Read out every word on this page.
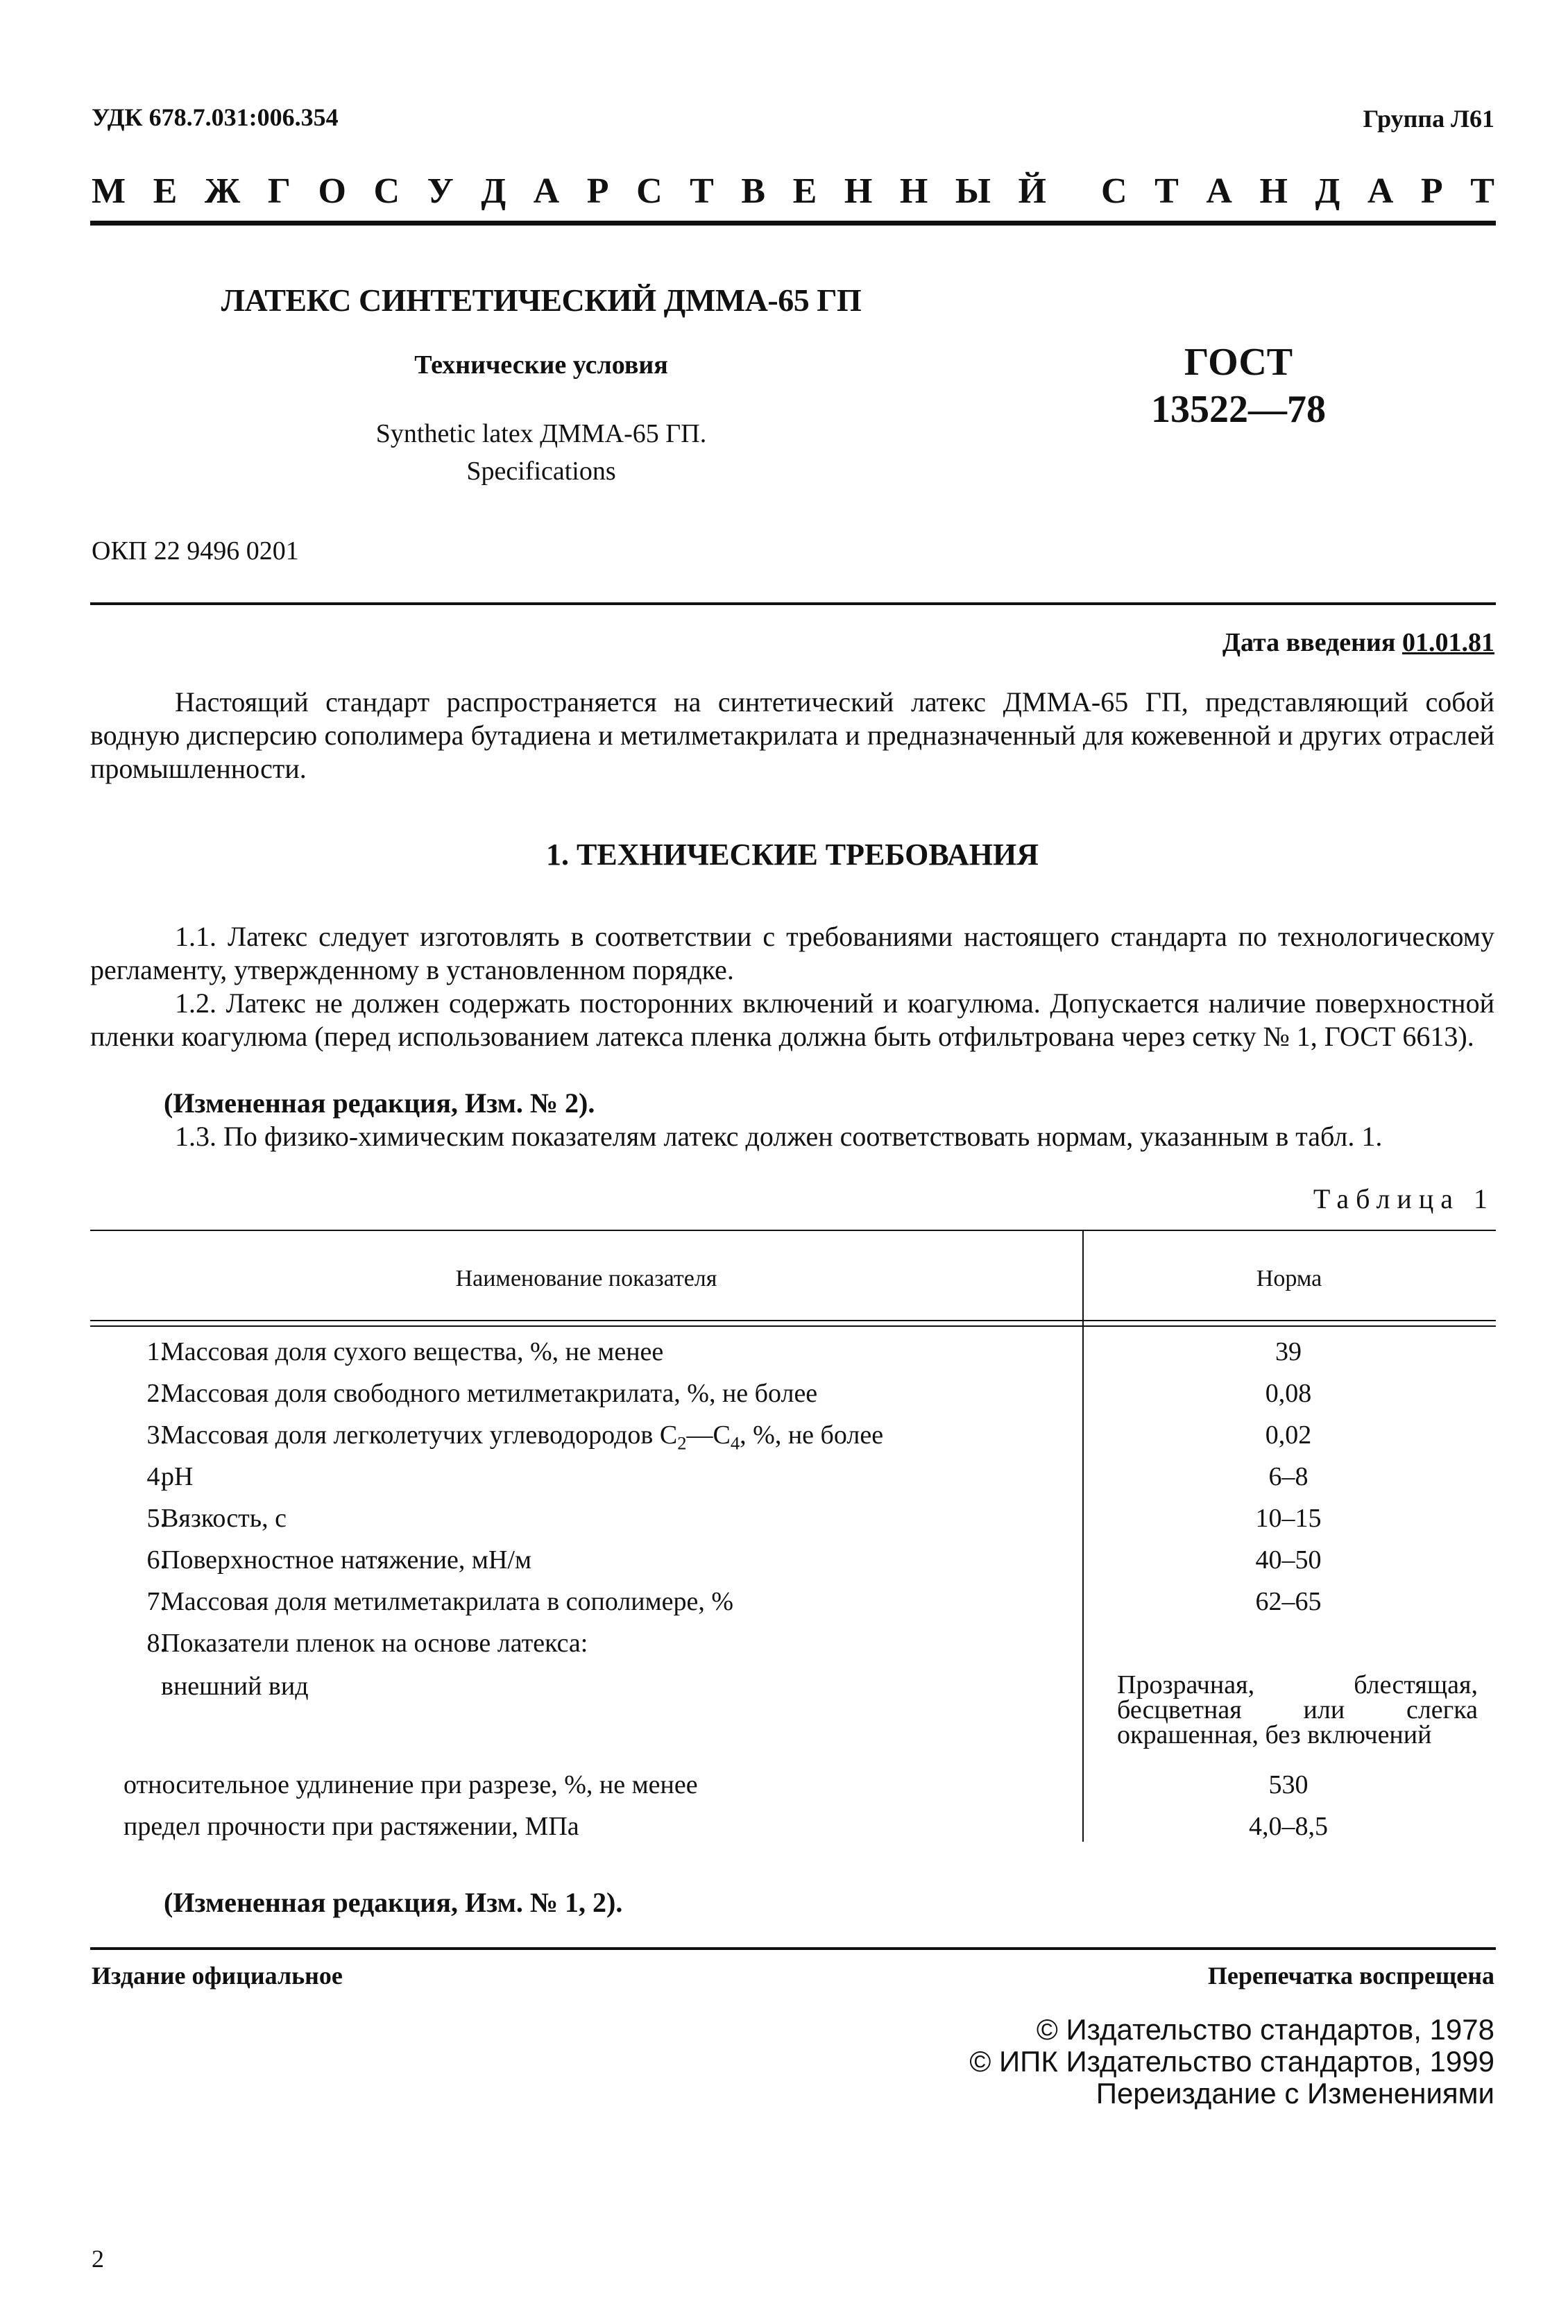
УДК 678.7.031:006.354	Группа Л61
М Е Ж Г О С У Д А Р С Т В Е Н Н Ы Й С Т А Н Д А Р Т
ЛАТЕКС СИНТЕТИЧЕСКИЙ ДММА-65 ГП
Технические условия
Synthetic latex ДММА-65 ГП.
Specifications
ГОСТ
13522—78
ОКП 22 9496 0201
Дата введения 01.01.81
Настоящий стандарт распространяется на синтетический латекс ДММА-65 ГП, представляющий собой водную дисперсию сополимера бутадиена и метилметакрилата и предназначенный для кожевенной и других отраслей промышленности.
1. ТЕХНИЧЕСКИЕ ТРЕБОВАНИЯ
1.1. Латекс следует изготовлять в соответствии с требованиями настоящего стандарта по технологическому регламенту, утвержденному в установленном порядке.
1.2. Латекс не должен содержать посторонних включений и коагулюма. Допускается наличие поверхностной пленки коагулюма (перед использованием латекса пленка должна быть отфильтрована через сетку № 1, ГОСТ 6613).
(Измененная редакция, Изм. № 2).
1.3. По физико-химическим показателям латекс должен соответствовать нормам, указанным в табл. 1.
Таблица 1
Наименование показателя	Норма
1.
Массовая доля сухого вещества, %, не менее	39
2.
Массовая доля свободного метилметакрилата, %, не более	0,08
3.
Массовая доля легколетучих углеводородов $С_2—С_4$, %, не более	0,02
4.
pH	6–8
5.
Вязкость, с	10–15
6.
Поверхностное натяжение, мН/м	40–50
7.
Массовая доля метилметакрилата в сополимере, %	62–65
8.
Показатели пленок на основе латекса:
внешний вид	Прозрачная, блестящая, бесцветная или слегка окрашенная, без включений
относительное удлинение при разрезе, %, не менее	530
предел прочности при растяжении, МПа	4,0–8,5
(Измененная редакция, Изм. № 1, 2).
Издание официальное	Перепечатка воспрещена
© Издательство стандартов, 1978
© ИПК Издательство стандартов, 1999
Переиздание с Изменениями
2
